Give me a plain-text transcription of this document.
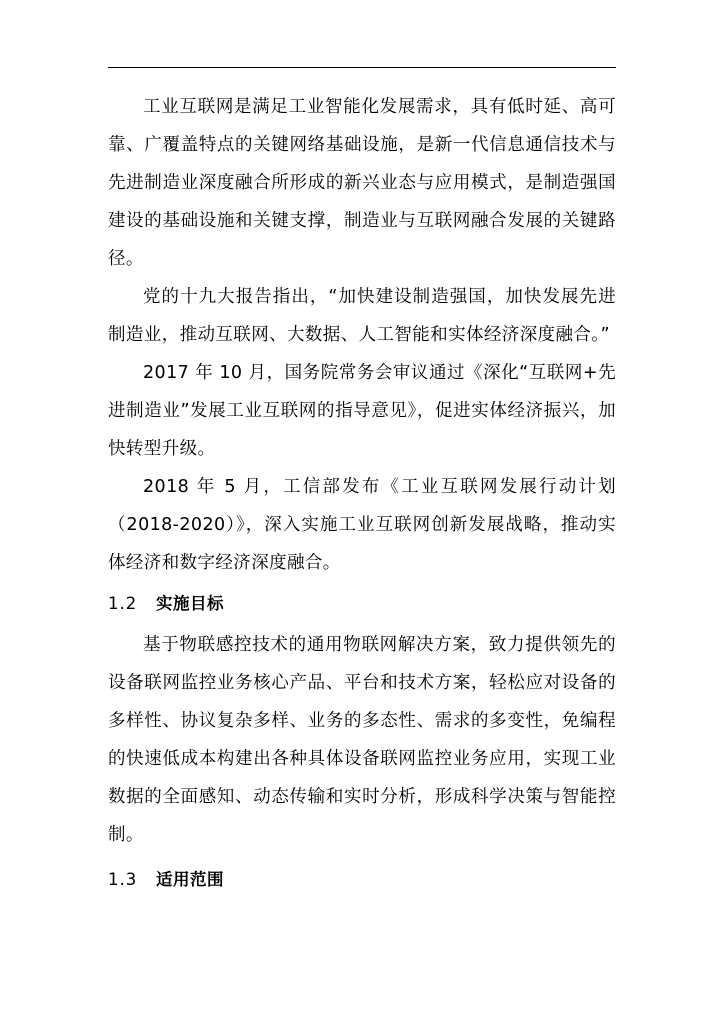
工业互联网是满足工业智能化发展需求，具有低时延、高可靠、广覆盖特点的关键网络基础设施，是新一代信息通信技术与先进制造业深度融合所形成的新兴业态与应用模式，是制造强国建设的基础设施和关键支撑，制造业与互联网融合发展的关键路径。

党的十九大报告指出，“加快建设制造强国，加快发展先进制造业，推动互联网、大数据、人工智能和实体经济深度融合。”

2017 年 10 月，国务院常务会审议通过《深化“互联网+先进制造业”发展工业互联网的指导意见》，促进实体经济振兴，加快转型升级。

2018 年 5 月，工信部发布《工业互联网发展行动计划（2018-2020）》，深入实施工业互联网创新发展战略，推动实体经济和数字经济深度融合。

1.2	实施目标

基于物联感控技术的通用物联网解决方案，致力提供领先的设备联网监控业务核心产品、平台和技术方案，轻松应对设备的多样性、协议复杂多样、业务的多态性、需求的多变性，免编程的快速低成本构建出各种具体设备联网监控业务应用，实现工业数据的全面感知、动态传输和实时分析，形成科学决策与智能控制。

1.3	适用范围
